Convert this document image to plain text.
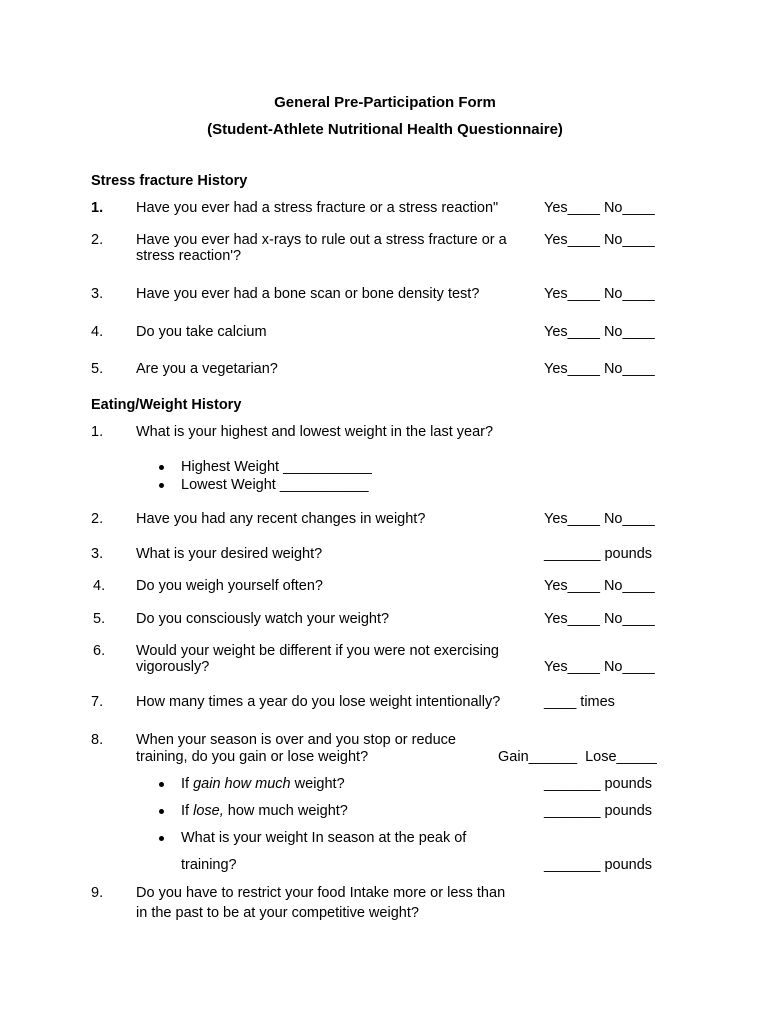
General Pre-Participation Form
(Student-Athlete Nutritional Health Questionnaire)
Stress fracture History
1. Have you ever had a stress fracture or a stress reaction"	Yes____ No____
2. Have you ever had x-rays to rule out a stress fracture or a
stress reaction'?
Yes____ No____
3. Have you ever had a bone scan or bone density test?	Yes____ No____
4. Do you take calcium	Yes____ No____
5. Are you a vegetarian?	Yes____ No____
Eating/Weight History
1. What is your highest and lowest weight in the last year?
Highest Weight ___________
Lowest Weight ___________
2. Have you had any recent changes in weight?	Yes____ No____
3. What is your desired weight?	_______ pounds
4. Do you weigh yourself often?	Yes____ No____
5. Do you consciously watch your weight?	Yes____ No____
6. Would your weight be different if you were not exercising
vigorously?	Yes____ No____
7. How many times a year do you lose weight intentionally?	____ times
8. When your season is over and you stop or reduce
training, do you gain or lose weight?	Gain______  Lose_____
If gain how much weight?	_______ pounds
If lose, how much weight?	_______ pounds
What is your weight In season at the peak of
training?	_______ pounds
9. Do you have to restrict your food Intake more or less than
in the past to be at your competitive weight?
